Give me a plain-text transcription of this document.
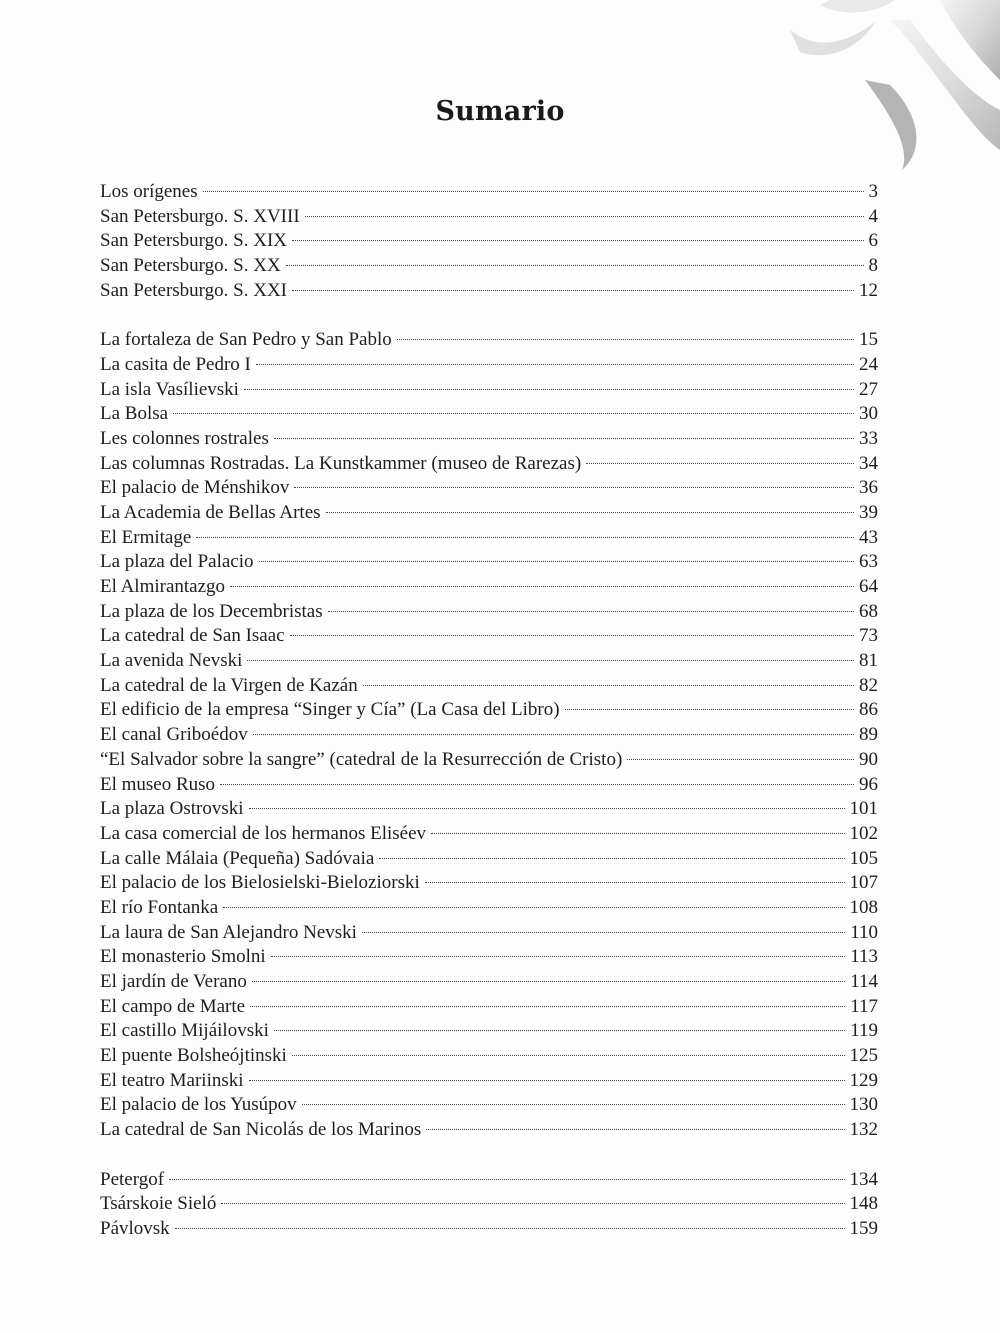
Sumario
Los orígenes	3
San Petersburgo. S. XVIII	4
San Petersburgo. S. XIX	6
San Petersburgo. S. XX	8
San Petersburgo. S. XXI	12
La fortaleza de San Pedro y San Pablo	15
La casita de Pedro I	24
La isla Vasílievski	27
La Bolsa	30
Les colonnes rostrales	33
Las columnas Rostradas. La Kunstkammer (museo de Rarezas)	34
El palacio de Ménshikov	36
La Academia de Bellas Artes	39
El Ermitage	43
La plaza del Palacio	63
El Almirantazgo	64
La plaza de los Decembristas	68
La catedral de San Isaac	73
La avenida Nevski	81
La catedral de la Virgen de Kazán	82
El edificio de la empresa “Singer y Cía” (La Casa del Libro)	86
El canal Griboédov	89
“El Salvador sobre la sangre” (catedral de la Resurrección de Cristo)	90
El museo Ruso	96
La plaza Ostrovski	101
La casa comercial de los hermanos Eliséev	102
La calle Málaia (Pequeña) Sadóvaia	105
El palacio de los Bielosielski-Bieloziorski	107
El río Fontanka	108
La laura de San Alejandro Nevski	110
El monasterio Smolni	113
El jardín de Verano	114
El campo de Marte	117
El castillo Mijáilovski	119
El puente Bolsheójtinski	125
El teatro Mariinski	129
El palacio de los Yusúpov	130
La catedral de San Nicolás de los Marinos	132
Petergof	134
Tsárskoie Sieló	148
Pávlovsk	159
